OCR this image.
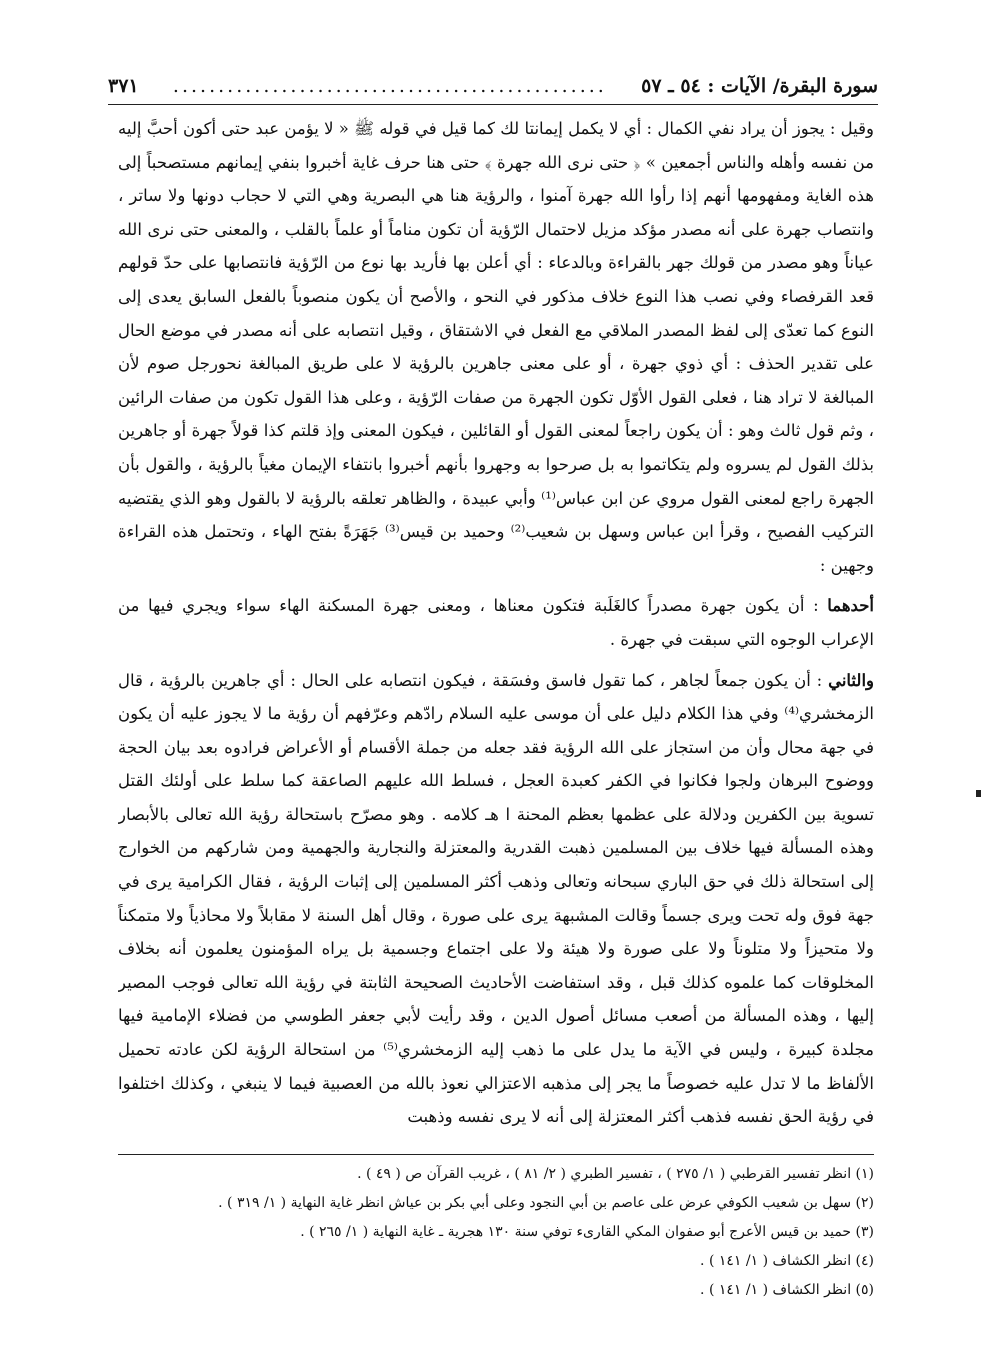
سورة البقرة/ الآيات : ٥٤ ـ ٥٧
................................................
٣٧١

وقيل : يجوز أن يراد نفي الكمال : أي لا يكمل إيمانتا لك كما قيل في قوله ﷺ « لا يؤمن عبد حتى أكون أحبَّ إليه من نفسه وأهله والناس أجمعين » ﴿ حتى نرى الله جهرة ﴾ حتى هنا حرف غاية أخبروا بنفي إيمانهم مستصحباً إلى هذه الغاية ومفهومها أنهم إذا رأوا الله جهرة آمنوا ، والرؤية هنا هي البصرية وهي التي لا حجاب دونها ولا ساتر ، وانتصاب جهرة على أنه مصدر مؤكد مزيل لاحتمال الرّؤية أن تكون مناماً أو علماً بالقلب ، والمعنى حتى نرى الله عياناً وهو مصدر من قولك جهر بالقراءة وبالدعاء : أي أعلن بها فأريد بها نوع من الرّؤية فانتصابها على حدّ قولهم قعد القرفصاء وفي نصب هذا النوع خلاف مذكور في النحو ، والأصح أن يكون منصوباً بالفعل السابق يعدى إلى النوع كما تعدّى إلى لفظ المصدر الملاقي مع الفعل في الاشتقاق ، وقيل انتصابه على أنه مصدر في موضع الحال على تقدير الحذف : أي ذوي جهرة ، أو على معنى جاهرين بالرؤية لا على طريق المبالغة نحورجل صوم لأن المبالغة لا تراد هنا ، فعلى القول الأوّل تكون الجهرة من صفات الرّؤية ، وعلى هذا القول تكون من صفات الرائين ، وثم قول ثالث وهو : أن يكون راجعاً لمعنى القول أو القائلين ، فيكون المعنى وإذ قلتم كذا قولاً جهرة أو جاهرين بذلك القول لم يسروه ولم يتكاتموا به بل صرحوا به وجهروا بأنهم أخبروا بانتفاء الإيمان مغياً بالرؤية ، والقول بأن الجهرة راجع لمعنى القول مروي عن ابن عباس⁽¹⁾ وأبي عبيدة ، والظاهر تعلقه بالرؤية لا بالقول وهو الذي يقتضيه التركيب الفصيح ، وقرأ ابن عباس وسهل بن شعيب⁽²⁾ وحميد بن قيس⁽³⁾ جَهَرَةً بفتح الهاء ، وتحتمل هذه القراءة وجهين :

أحدهما : أن يكون جهرة مصدراً كالغَلَبة فتكون معناها ، ومعنى جهرة المسكنة الهاء سواء ويجري فيها من الإعراب الوجوه التي سبقت في جهرة .

والثاني : أن يكون جمعاً لجاهر ، كما تقول فاسق وفسَقة ، فيكون انتصابه على الحال : أي جاهرين بالرؤية ، قال الزمخشري⁽⁴⁾ وفي هذا الكلام دليل على أن موسى عليه السلام رادّهم وعرّفهم أن رؤية ما لا يجوز عليه أن يكون في جهة محال وأن من استجاز على الله الرؤية فقد جعله من جملة الأقسام أو الأعراض فرادوه بعد بيان الحجة ووضوح البرهان ولجوا فكانوا في الكفر كعبدة العجل ، فسلط الله عليهم الصاعقة كما سلط على أولئك القتل تسوية بين الكفرين ودلالة على عظمها بعظم المحنة ا هـ كلامه . وهو مصرّح باستحالة رؤية الله تعالى بالأبصار وهذه المسألة فيها خلاف بين المسلمين ذهبت القدرية والمعتزلة والنجارية والجهمية ومن شاركهم من الخوارج إلى استحالة ذلك في حق الباري سبحانه وتعالى وذهب أكثر المسلمين إلى إثبات الرؤية ، فقال الكرامية يرى في جهة فوق وله تحت ويرى جسماً وقالت المشبهة يرى على صورة ، وقال أهل السنة لا مقابلاً ولا محاذياً ولا متمكناً ولا متحيزاً ولا متلوناً ولا على صورة ولا هيئة ولا على اجتماع وجسمية بل يراه المؤمنون يعلمون أنه بخلاف المخلوقات كما علموه كذلك قبل ، وقد استفاضت الأحاديث الصحيحة الثابتة في رؤية الله تعالى فوجب المصير إليها ، وهذه المسألة من أصعب مسائل أصول الدين ، وقد رأيت لأبي جعفر الطوسي من فضلاء الإمامية فيها مجلدة كبيرة ، وليس في الآية ما يدل على ما ذهب إليه الزمخشري⁽⁵⁾ من استحالة الرؤية لكن عادته تحميل الألفاظ ما لا تدل عليه خصوصاً ما يجر إلى مذهبه الاعتزالي نعوذ بالله من العصبية فيما لا ينبغي ، وكذلك اختلفوا في رؤية الحق نفسه فذهب أكثر المعتزلة إلى أنه لا يرى نفسه وذهبت

(١) انظر تفسير القرطبي ( ١/ ٢٧٥ ) ، تفسير الطبري ( ٢/ ٨١ ) ، غريب القرآن ص ( ٤٩ ) .
(٢) سهل بن شعيب الكوفي عرض على عاصم بن أبي النجود وعلى أبي بكر بن عياش انظر غاية النهاية ( ١/ ٣١٩ ) .
(٣) حميد بن قيس الأعرج أبو صفوان المكي القارىء توفي سنة ١٣٠ هجرية ـ غاية النهاية ( ١/ ٢٦٥ ) .
(٤) انظر الكشاف ( ١/ ١٤١ ) .
(٥) انظر الكشاف ( ١/ ١٤١ ) .
